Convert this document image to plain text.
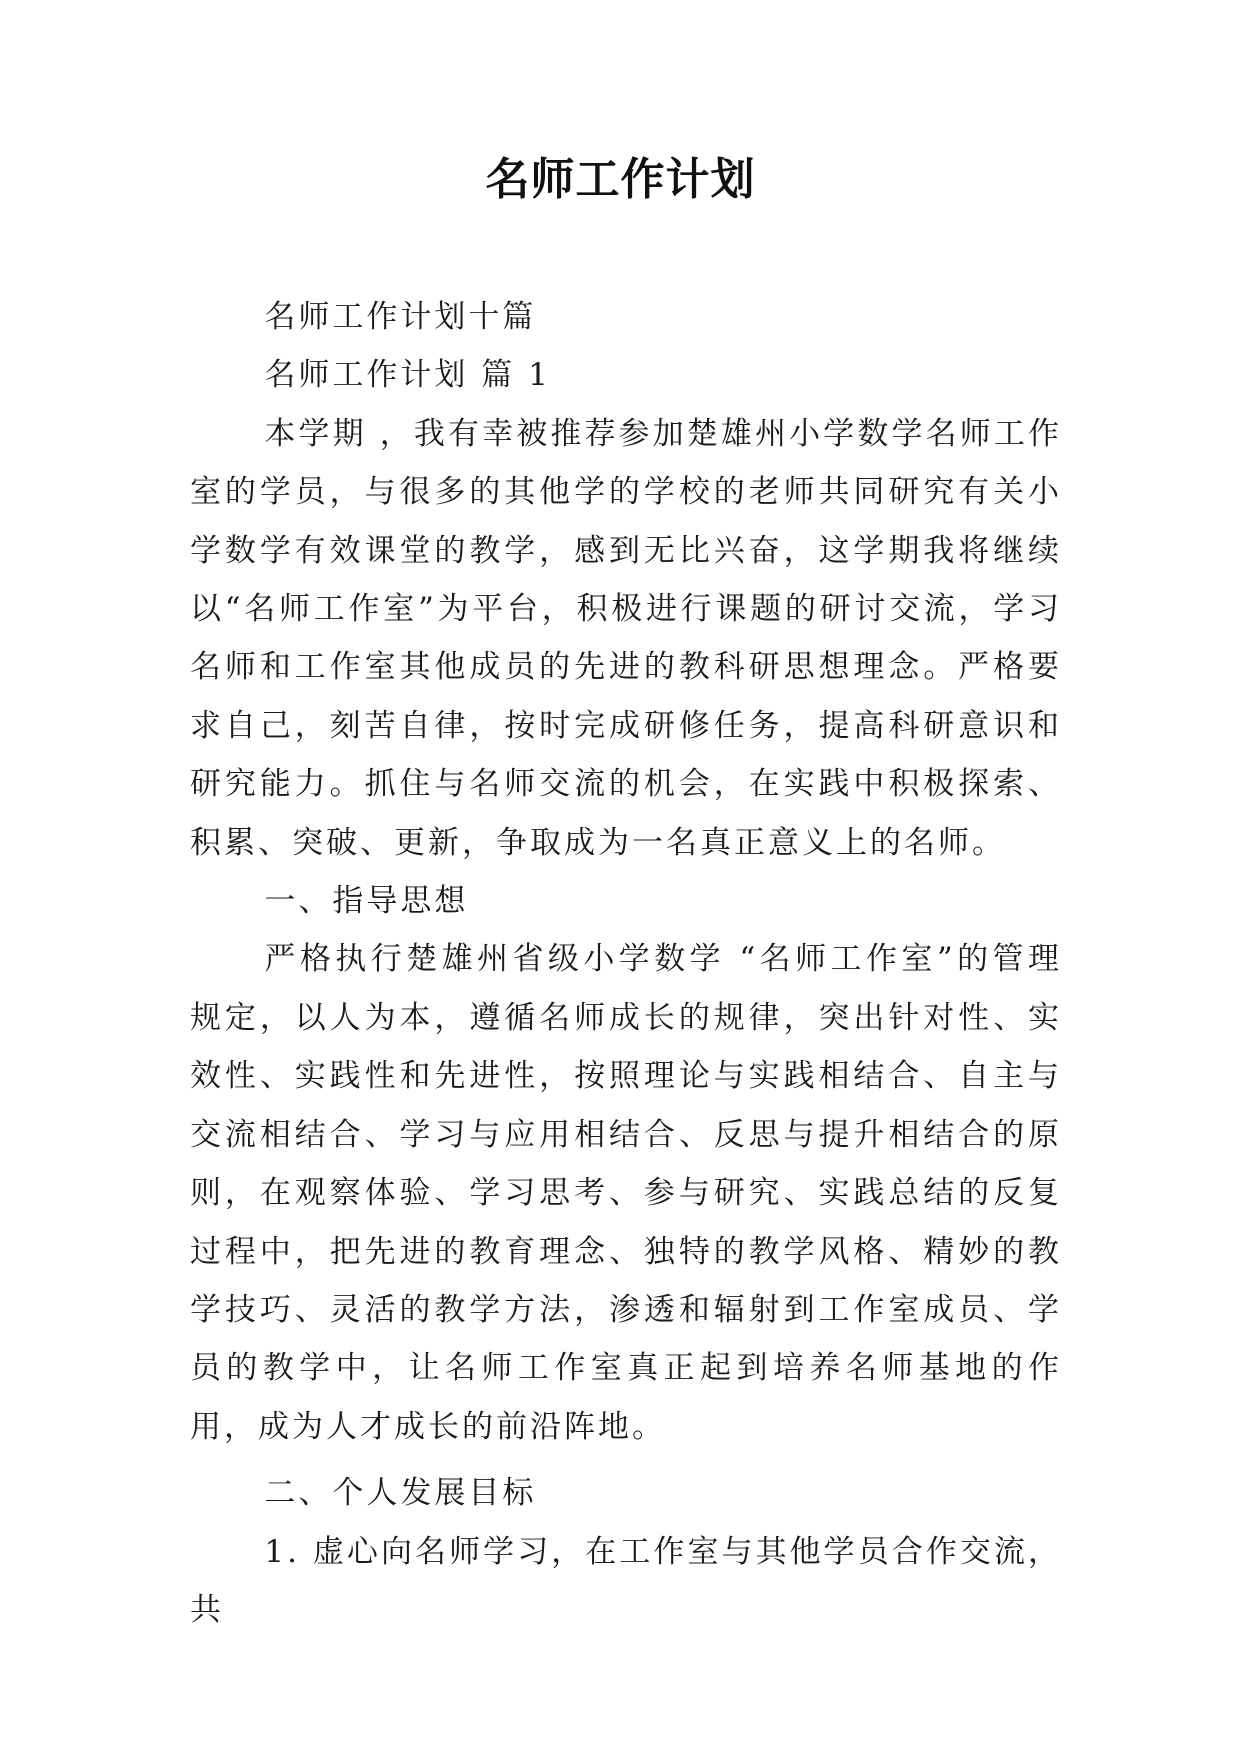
名师工作计划

名师工作计划十篇

名师工作计划 篇 1

本学期 ，我有幸被推荐参加楚雄州小学数学名师工作室的学员，与很多的其他学的学校的老师共同研究有关小学数学有效课堂的教学，感到无比兴奋，这学期我将继续以“名师工作室”为平台，积极进行课题的研讨交流，学习名师和工作室其他成员的先进的教科研思想理念。严格要求自己，刻苦自律，按时完成研修任务，提高科研意识和研究能力。抓住与名师交流的机会，在实践中积极探索、积累、突破、更新，争取成为一名真正意义上的名师。

一、指导思想

严格执行楚雄州省级小学数学 “名师工作室”的管理规定，以人为本，遵循名师成长的规律，突出针对性、实效性、实践性和先进性，按照理论与实践相结合、自主与交流相结合、学习与应用相结合、反思与提升相结合的原则，在观察体验、学习思考、参与研究、实践总结的反复过程中，把先进的教育理念、独特的教学风格、精妙的教学技巧、灵活的教学方法，渗透和辐射到工作室成员、学员的教学中，让名师工作室真正起到培养名师基地的作用，成为人才成长的前沿阵地。

二、个人发展目标

1. 虚心向名师学习，在工作室与其他学员合作交流，共
